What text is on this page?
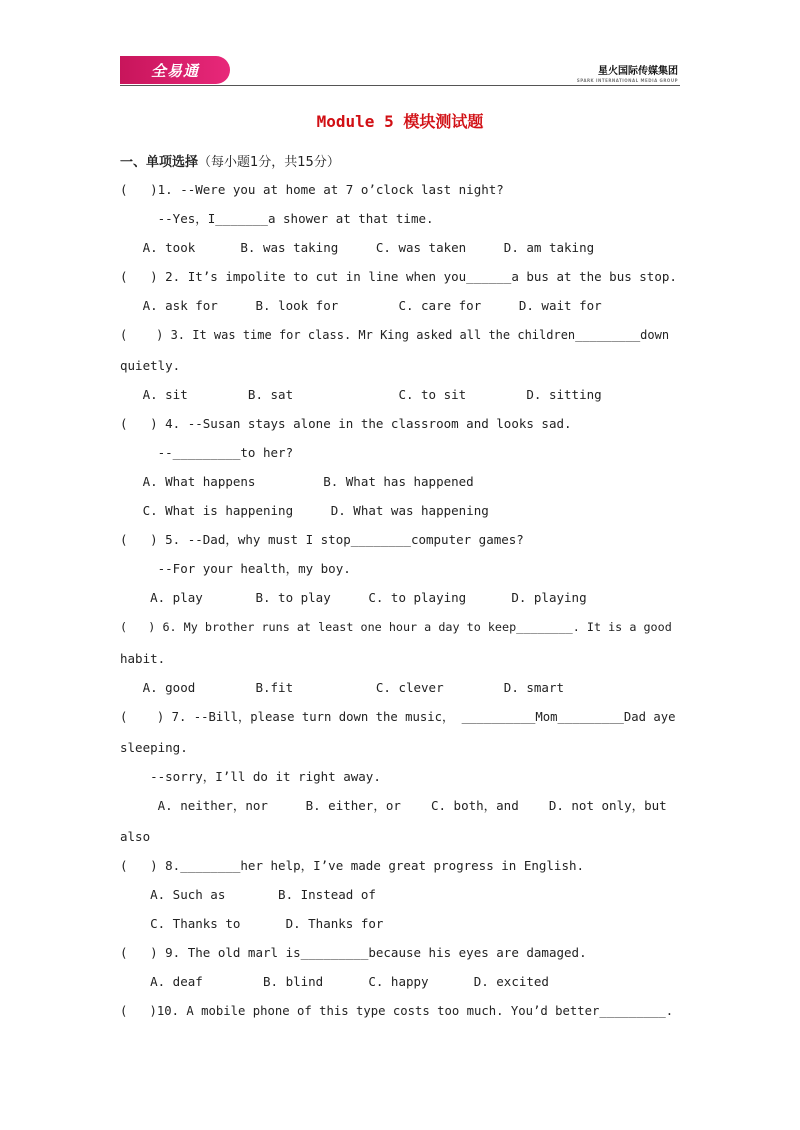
全易通	星火国际传媒集团
SPARK INTERNATIONAL MEDIA GROUP
Module 5 模块测试题
一、单项选择（每小题1分，共15分）
(   )1. --Were you at home at 7 o’clock last night?
--Yes，I_______a shower at that time.
A. took      B. was taking     C. was taken     D. am taking
(   ) 2. It’s impolite to cut in line when you______a bus at the bus stop.
A. ask for     B. look for        C. care for     D. wait for
(    ) 3. It was time for class. Mr King asked all the children_________down
quietly.
A. sit        B. sat              C. to sit        D. sitting
(   ) 4. --Susan stays alone in the classroom and looks sad.
--_________to her?
A. What happens         B. What has happened
C. What is happening     D. What was happening
(   ) 5. --Dad，why must I stop________computer games?
--For your health，my boy.
A. play       B. to play     C. to playing      D. playing
(   ) 6. My brother runs at least one hour a day to keep________. It is a good
habit.
A. good        B.fit           C. clever        D. smart
(    ) 7. --Bill，please turn down the music， __________Mom_________Dad aye
sleeping.
--sorry，I’ll do it right away.
A. neither，nor     B. either，or    C. both，and    D. not only，but
also
(   ) 8.________her help，I’ve made great progress in English.
A. Such as       B. Instead of
C. Thanks to      D. Thanks for
(   ) 9. The old marl is_________because his eyes are damaged.
A. deaf        B. blind      C. happy      D. excited
(   )10. A mobile phone of this type costs too much. You’d better_________.
